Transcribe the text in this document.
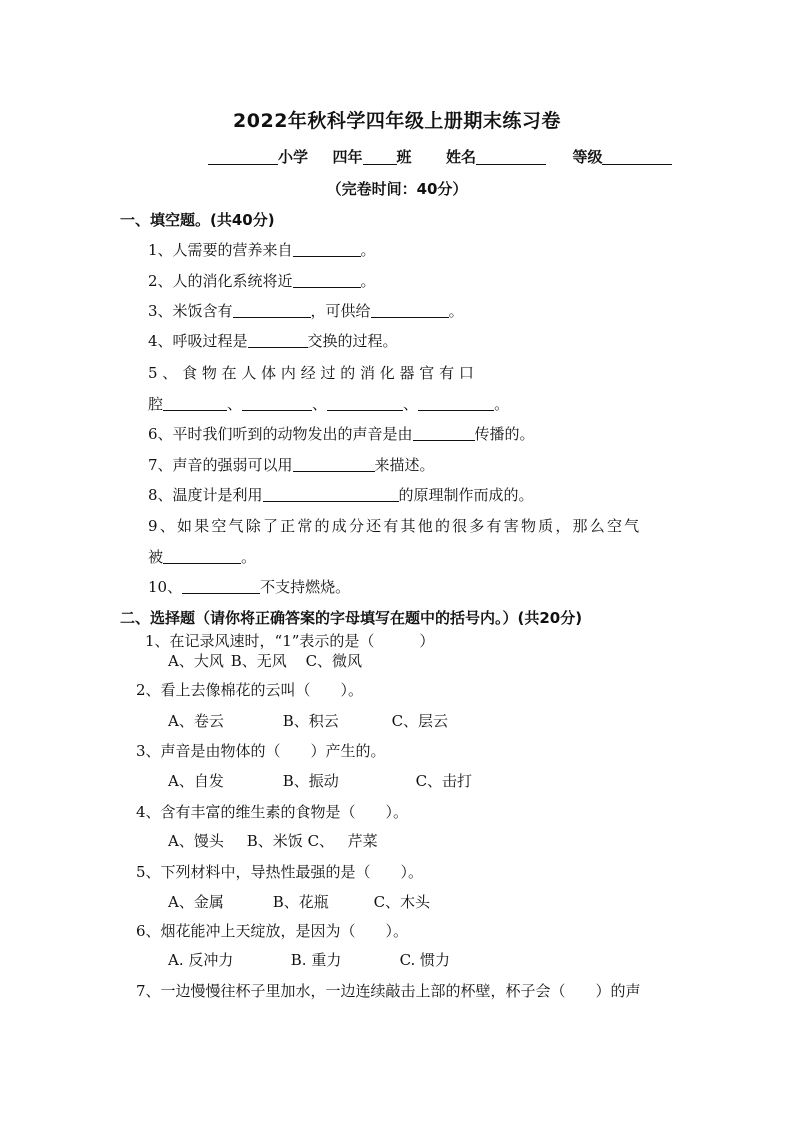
2022年秋科学四年级上册期末练习卷
小学 四年 班 姓名	等级
（完卷时间：40分）
一、填空题。(共40分)
1、人需要的营养来自	。
2、人的消化系统将近	。
3、米饭含有	，可供给	。
4、呼吸过程是	交换的过程。
5 、 食 物 在 人 体 内 经 过 的 消 化 器 官 有 口
腔	、	、	、	。
6、平时我们听到的动物发出的声音是由	传播的。
7、声音的强弱可以用	来描述。
8、温度计是利用	的原理制作而成的。
9、如果空气除了正常的成分还有其他的很多有害物质，那么空气
被	。
10、	不支持燃烧。
二、选择题（请你将正确答案的字母填写在题中的括号内。）(共20分)
1、在记录风速时，“1”表示的是（　　　）
A、大风 B、无风 C、微风
2、看上去像棉花的云叫（　　）。
A、卷云	B、积云	C、层云
3、声音是由物体的（　　）产生的。
A、自发	B、振动	C、击打
4、含有丰富的维生素的食物是（　　）。
A、馒头 B、米饭 C、 芹菜
5、下列材料中，导热性最强的是（　　）。
A、金属	B、花瓶	C、木头
6、烟花能冲上天绽放，是因为（　　）。
A. 反冲力	B. 重力	C. 惯力
7、一边慢慢往杯子里加水，一边连续敲击上部的杯壁，杯子会（　　）的声
